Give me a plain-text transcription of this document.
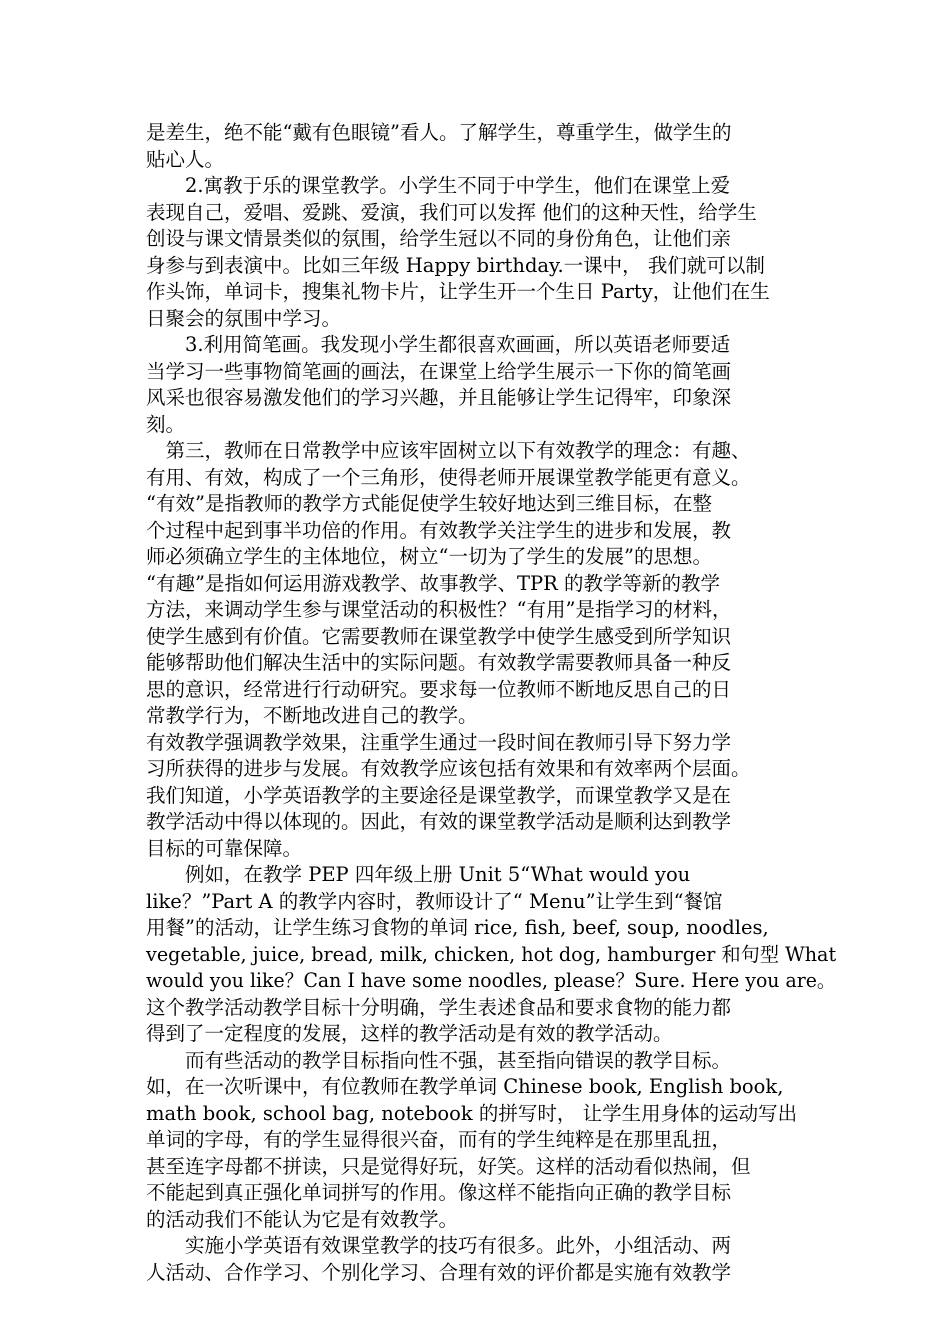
是差生，绝不能“戴有色眼镜”看人。了解学生，尊重学生，做学生的
贴心人。
　　2.寓教于乐的课堂教学。小学生不同于中学生，他们在课堂上爱
表现自己，爱唱、爱跳、爱演，我们可以发挥 他们的这种天性，给学生
创设与课文情景类似的氛围，给学生冠以不同的身份角色，让他们亲
身参与到表演中。比如三年级 Happy birthday.一课中， 我们就可以制
作头饰，单词卡，搜集礼物卡片，让学生开一个生日 Party，让他们在生
日聚会的氛围中学习。
　　3.利用简笔画。我发现小学生都很喜欢画画，所以英语老师要适
当学习一些事物简笔画的画法，在课堂上给学生展示一下你的简笔画
风采也很容易激发他们的学习兴趣，并且能够让学生记得牢，印象深
刻。
　第三，教师在日常教学中应该牢固树立以下有效教学的理念：有趣、
有用、有效，构成了一个三角形，使得老师开展课堂教学能更有意义。
“有效”是指教师的教学方式能促使学生较好地达到三维目标，在整
个过程中起到事半功倍的作用。有效教学关注学生的进步和发展，教
师必须确立学生的主体地位，树立“一切为了学生的发展”的思想。
“有趣”是指如何运用游戏教学、故事教学、TPR 的教学等新的教学
方法，来调动学生参与课堂活动的积极性？“有用”是指学习的材料，
使学生感到有价值。它需要教师在课堂教学中使学生感受到所学知识
能够帮助他们解决生活中的实际问题。有效教学需要教师具备一种反
思的意识，经常进行行动研究。要求每一位教师不断地反思自己的日
常教学行为，不断地改进自己的教学。
有效教学强调教学效果，注重学生通过一段时间在教师引导下努力学
习所获得的进步与发展。有效教学应该包括有效果和有效率两个层面。
我们知道，小学英语教学的主要途径是课堂教学，而课堂教学又是在
教学活动中得以体现的。因此，有效的课堂教学活动是顺利达到教学
目标的可靠保障。
　　例如，在教学 PEP 四年级上册 Unit 5“What would you
like？”Part A 的教学内容时，教师设计了“ Menu”让学生到“餐馆
用餐”的活动，让学生练习食物的单词 rice, fish, beef, soup, noodles,
vegetable, juice, bread, milk, chicken, hot dog, hamburger 和句型 What
would you like？Can I have some noodles, please？Sure. Here you are。
这个教学活动教学目标十分明确，学生表述食品和要求食物的能力都
得到了一定程度的发展，这样的教学活动是有效的教学活动。
　　而有些活动的教学目标指向性不强，甚至指向错误的教学目标。
如，在一次听课中，有位教师在教学单词 Chinese book, English book,
math book, school bag, notebook 的拼写时， 让学生用身体的运动写出
单词的字母，有的学生显得很兴奋，而有的学生纯粹是在那里乱扭，
甚至连字母都不拼读，只是觉得好玩，好笑。这样的活动看似热闹，但
不能起到真正强化单词拼写的作用。像这样不能指向正确的教学目标
的活动我们不能认为它是有效教学。
　　实施小学英语有效课堂教学的技巧有很多。此外，小组活动、两
人活动、合作学习、个别化学习、合理有效的评价都是实施有效教学
